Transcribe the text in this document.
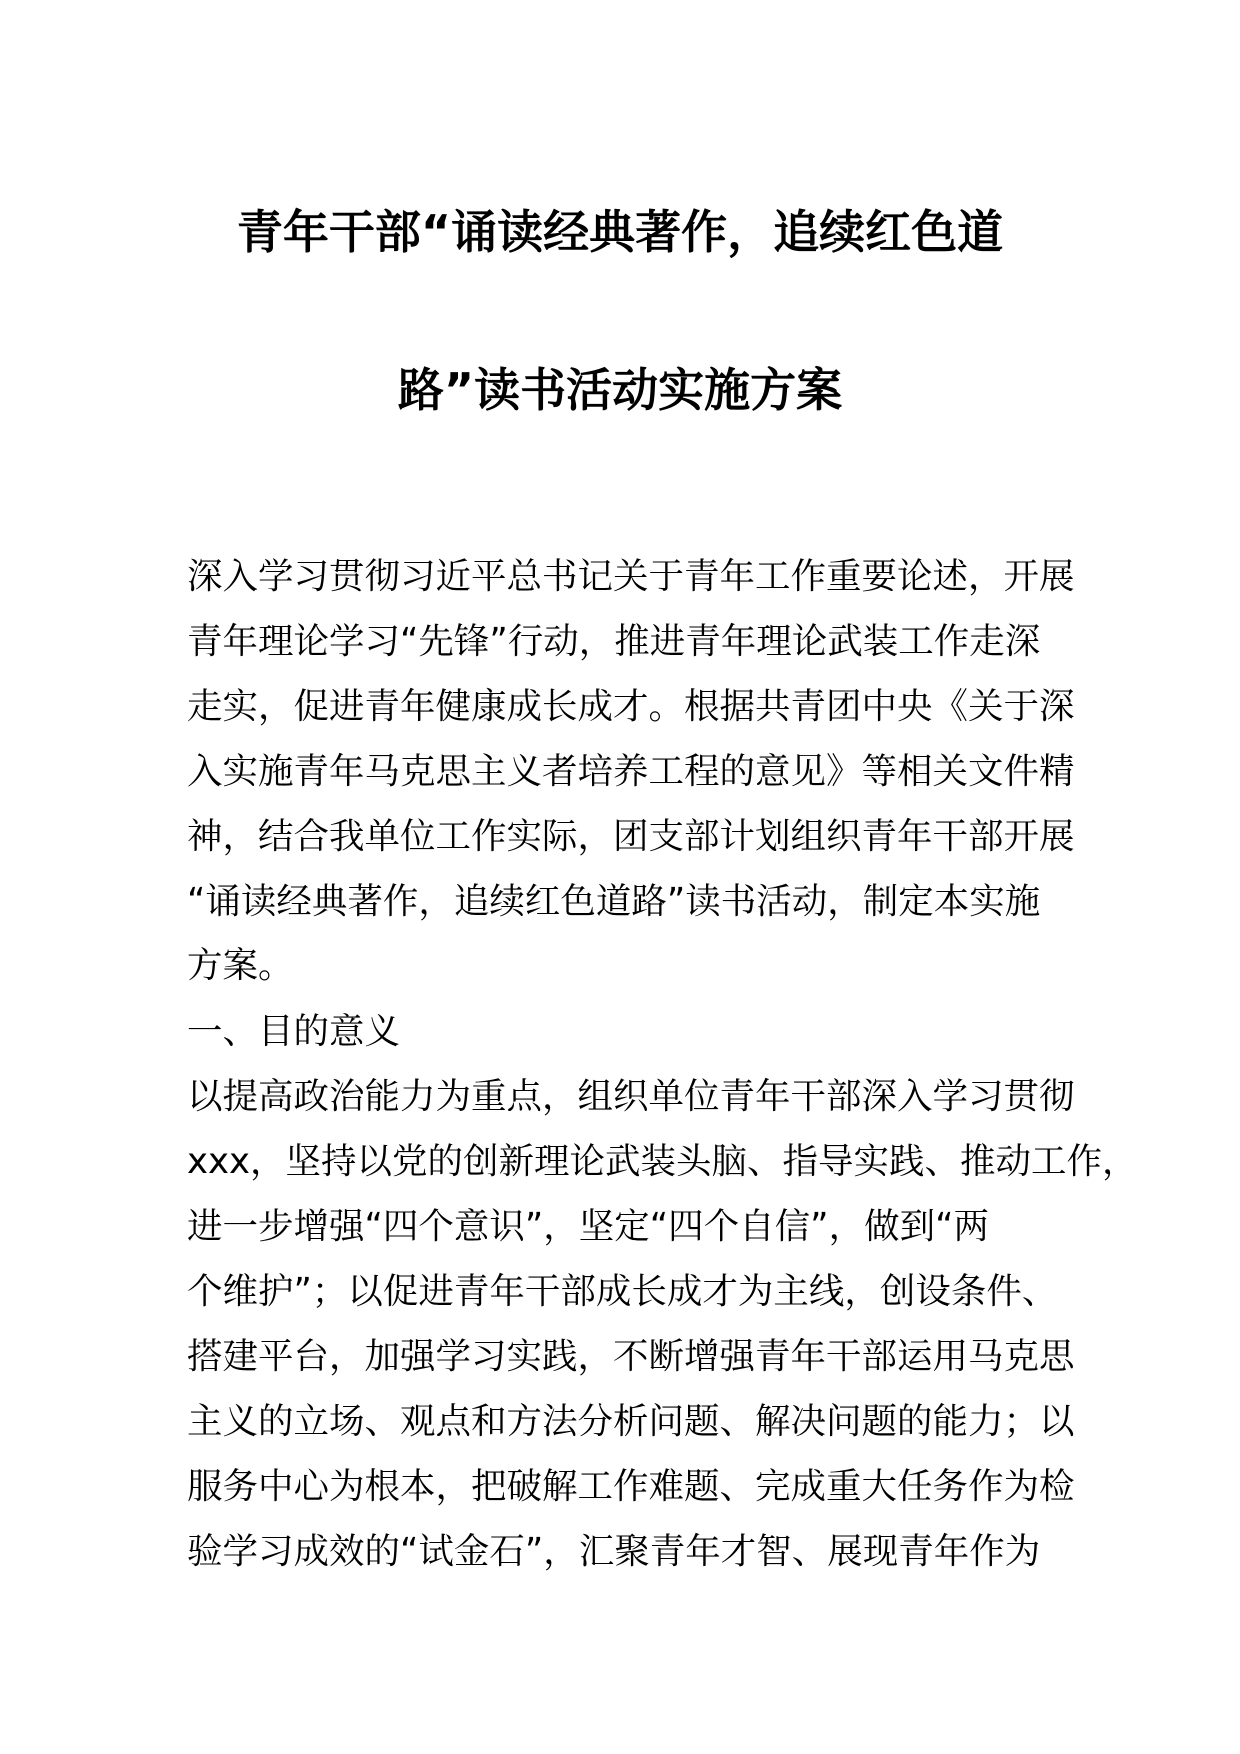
青年干部“诵读经典著作，追续红色道
路”读书活动实施方案
深入学习贯彻习近平总书记关于青年工作重要论述，开展
青年理论学习“先锋”行动，推进青年理论武装工作走深
走实，促进青年健康成长成才。根据共青团中央《关于深
入实施青年马克思主义者培养工程的意见》等相关文件精
神，结合我单位工作实际，团支部计划组织青年干部开展
“诵读经典著作，追续红色道路”读书活动，制定本实施
方案。
一、目的意义
以提高政治能力为重点，组织单位青年干部深入学习贯彻
xxx，坚持以党的创新理论武装头脑、指导实践、推动工作，
进一步增强“四个意识”，坚定“四个自信”，做到“两
个维护”；以促进青年干部成长成才为主线，创设条件、
搭建平台，加强学习实践，不断增强青年干部运用马克思
主义的立场、观点和方法分析问题、解决问题的能力；以
服务中心为根本，把破解工作难题、完成重大任务作为检
验学习成效的“试金石”，汇聚青年才智、展现青年作为
